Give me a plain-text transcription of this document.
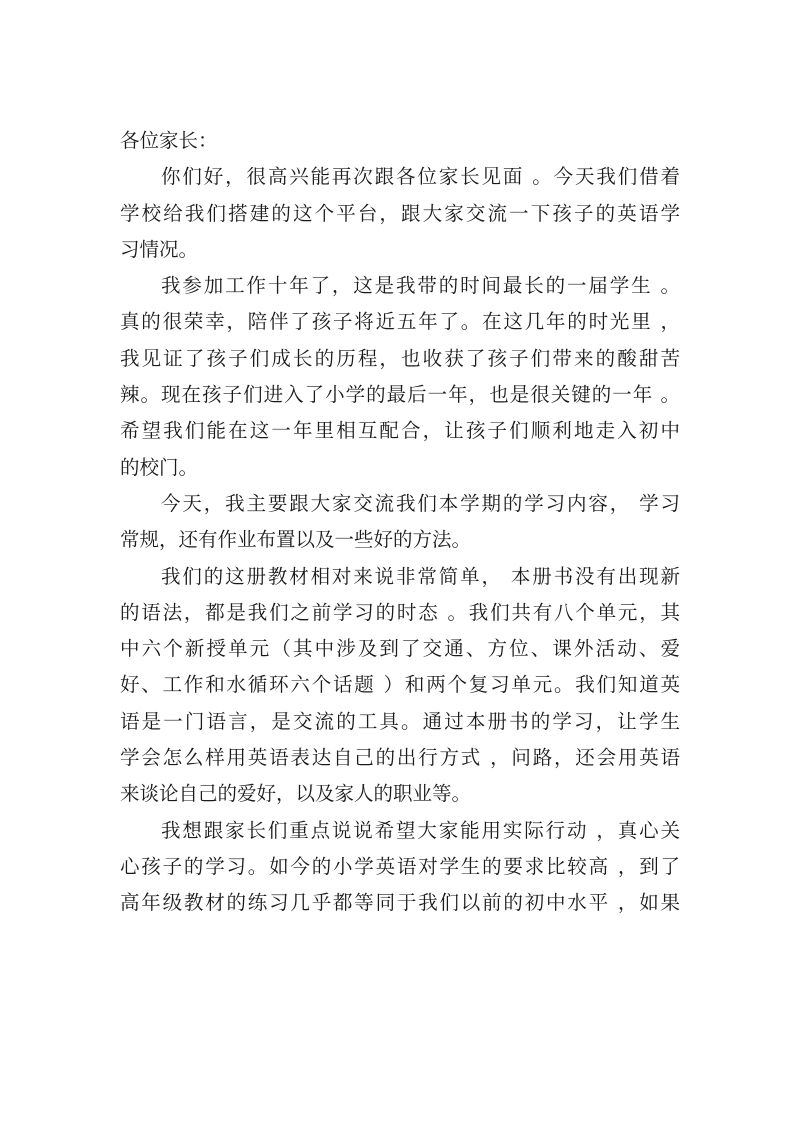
各位家长：
你们好，很高兴能再次跟各位家长见面 。今天我们借着
学校给我们搭建的这个平台，跟大家交流一下孩子的英语学
习情况。
我参加工作十年了，这是我带的时间最长的一届学生 。
真的很荣幸，陪伴了孩子将近五年了。在这几年的时光里 ，
我见证了孩子们成长的历程，也收获了孩子们带来的酸甜苦
辣。现在孩子们进入了小学的最后一年，也是很关键的一年 。
希望我们能在这一年里相互配合，让孩子们顺利地走入初中
的校门。
今天，我主要跟大家交流我们本学期的学习内容， 学习
常规，还有作业布置以及一些好的方法。
我们的这册教材相对来说非常简单， 本册书没有出现新
的语法，都是我们之前学习的时态 。我们共有八个单元，其
中六个新授单元（其中涉及到了交通、方位、课外活动、爱
好、工作和水循环六个话题 ）和两个复习单元。我们知道英
语是一门语言，是交流的工具。通过本册书的学习，让学生
学会怎么样用英语表达自己的出行方式 ，问路，还会用英语
来谈论自己的爱好，以及家人的职业等。
我想跟家长们重点说说希望大家能用实际行动 ，真心关
心孩子的学习。如今的小学英语对学生的要求比较高 ，到了
高年级教材的练习几乎都等同于我们以前的初中水平 ，如果
